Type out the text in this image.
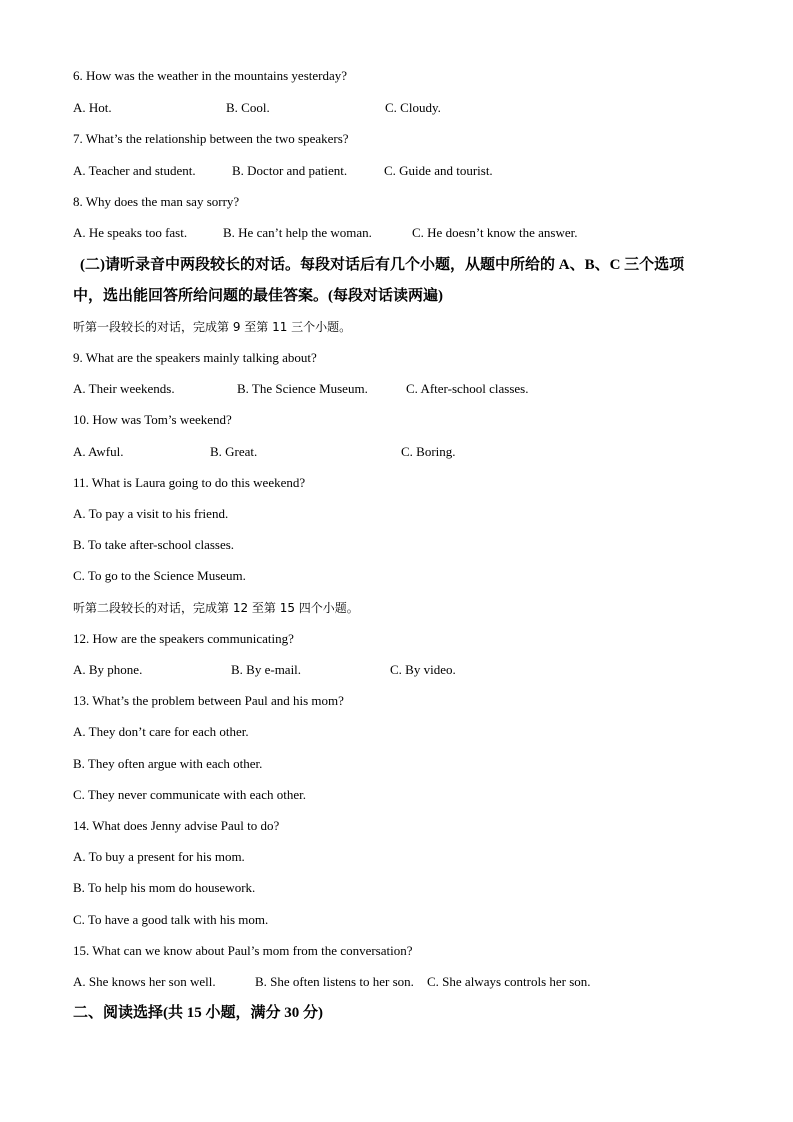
6. How was the weather in the mountains yesterday?
A. Hot.	B. Cool.	C. Cloudy.
7. What’s the relationship between the two speakers?
A. Teacher and student.	B. Doctor and patient.	C. Guide and tourist.
8. Why does the man say sorry?
A. He speaks too fast.	B. He can’t help the woman.	C. He doesn’t know the answer.
(二)请听录音中两段较长的对话。每段对话后有几个小题，从题中所给的 A、B、C 三个选项
中，选出能回答所给问题的最佳答案。(每段对话读两遍)
听第一段较长的对话，完成第 9 至第 11 三个小题。
9. What are the speakers mainly talking about?
A. Their weekends.	B. The Science Museum.	C. After-school classes.
10. How was Tom’s weekend?
A. Awful.	B. Great.	C. Boring.
11. What is Laura going to do this weekend?
A. To pay a visit to his friend.
B. To take after-school classes.
C. To go to the Science Museum.
听第二段较长的对话，完成第 12 至第 15 四个小题。
12. How are the speakers communicating?
A. By phone.	B. By e-mail.	C. By video.
13. What’s the problem between Paul and his mom?
A. They don’t care for each other.
B. They often argue with each other.
C. They never communicate with each other.
14. What does Jenny advise Paul to do?
A. To buy a present for his mom.
B. To help his mom do housework.
C. To have a good talk with his mom.
15. What can we know about Paul’s mom from the conversation?
A. She knows her son well.	B. She often listens to her son. C. She always controls her son.
二、阅读选择(共 15 小题，满分 30 分)
